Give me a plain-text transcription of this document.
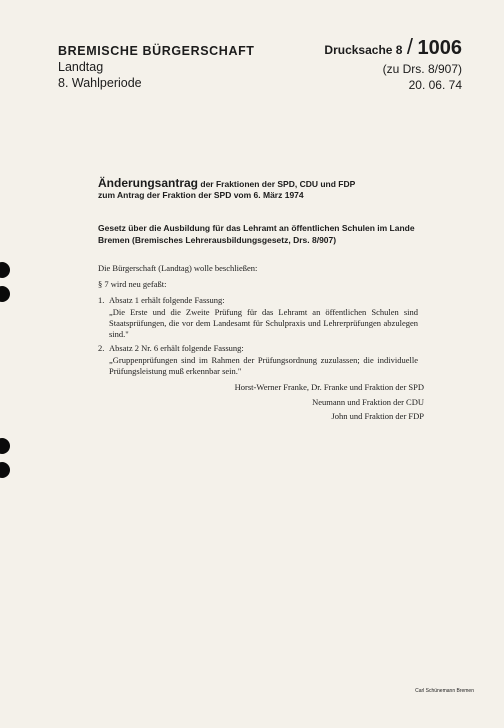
BREMISCHE BÜRGERSCHAFT
Landtag
8. Wahlperiode
Drucksache 8 / 1006
(zu Drs. 8/907)
20. 06. 74
Änderungsantrag der Fraktionen der SPD, CDU und FDP
zum Antrag der Fraktion der SPD vom 6. März 1974
Gesetz über die Ausbildung für das Lehramt an öffentlichen Schulen im Lande Bremen (Bremisches Lehrerausbildungsgesetz, Drs. 8/907)

Die Bürgerschaft (Landtag) wolle beschließen:

§ 7 wird neu gefaßt:

1. Absatz 1 erhält folgende Fassung:
„Die Erste und die Zweite Prüfung für das Lehramt an öffentlichen Schulen sind Staatsprüfungen, die vor dem Landesamt für Schulpraxis und Lehrerprüfungen abzulegen sind."
2. Absatz 2 Nr. 6 erhält folgende Fassung:
„Gruppenprüfungen sind im Rahmen der Prüfungsordnung zuzulassen; die individuelle Prüfungsleistung muß erkennbar sein."
Horst-Werner Franke, Dr. Franke und Fraktion der SPD
Neumann und Fraktion der CDU
John und Fraktion der FDP
Carl Schünemann Bremen
